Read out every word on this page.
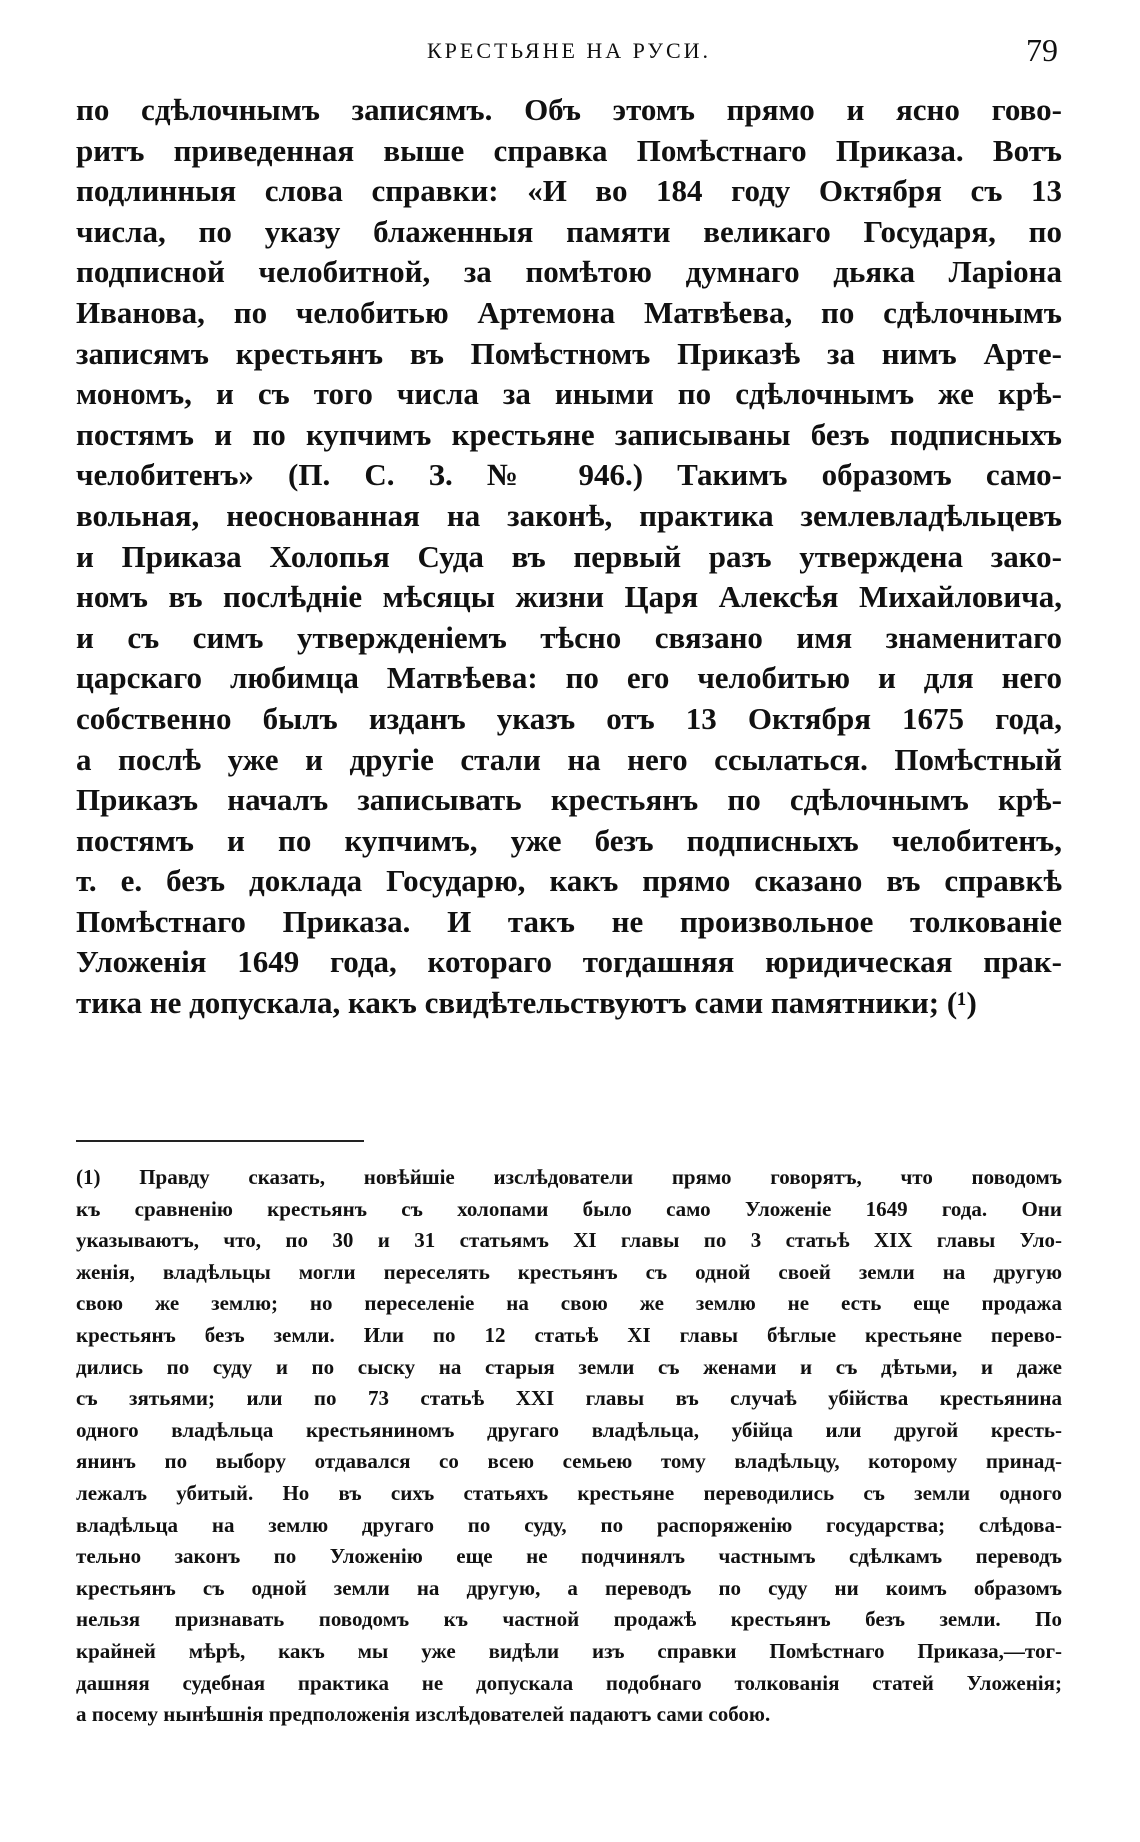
КРЕСТЬЯНЕ НА РУСИ.	79
по сдѣлочнымъ записямъ. Объ этомъ прямо и ясно гово-
ритъ приведенная выше справка Помѣстнаго Приказа. Вотъ
подлинныя слова справки: «И во 184 году Октября съ 13
числа, по указу блаженныя памяти великаго Государя, по
подписной челобитной, за помѣтою думнаго дьяка Ларіона
Иванова, по челобитью Артемона Матвѣева, по сдѣлочнымъ
записямъ крестьянъ въ Помѣстномъ Приказѣ за нимъ Арте-
мономъ, и съ того числа за иными по сдѣлочнымъ же крѣ-
постямъ и по купчимъ крестьяне записываны безъ подписныхъ
челобитенъ» (П. С. З. № 946.) Такимъ образомъ само-
вольная, неоснованная на законѣ, практика землевладѣльцевъ
и Приказа Холопья Суда въ первый разъ утверждена зако-
номъ въ послѣдніе мѣсяцы жизни Царя Алексѣя Михайловича,
и съ симъ утвержденіемъ тѣсно связано имя знаменитаго
царскаго любимца Матвѣева: по его челобитью и для него
собственно былъ изданъ указъ отъ 13 Октября 1675 года,
а послѣ уже и другіе стали на него ссылаться. Помѣстный
Приказъ началъ записывать крестьянъ по сдѣлочнымъ крѣ-
постямъ и по купчимъ, уже безъ подписныхъ челобитенъ,
т. е. безъ доклада Государю, какъ прямо сказано въ справкѣ
Помѣстнаго Приказа. И такъ не произвольное толкованіе
Уложенія 1649 года, котораго тогдашняя юридическая прак-
тика не допускала, какъ свидѣтельствуютъ сами памятники; (¹)
(1) Правду сказать, новѣйшіе изслѣдователи прямо говорятъ, что поводомъ
къ сравненію крестьянъ съ холопами было само Уложеніе 1649 года. Они
указываютъ, что, по 30 и 31 статьямъ XI главы по 3 статьѣ XIX главы Уло-
женія, владѣльцы могли переселять крестьянъ съ одной своей земли на другую
свою же землю; но переселеніе на свою же землю не есть еще продажа
крестьянъ безъ земли. Или по 12 статьѣ XI главы бѣглые крестьяне перево-
дились по суду и по сыску на старыя земли съ женами и съ дѣтьми, и даже
съ зятьями; или по 73 статьѣ XXI главы въ случаѣ убійства крестьянина
одного владѣльца крестьяниномъ другаго владѣльца, убійца или другой кресть-
янинъ по выбору отдавался со всею семьею тому владѣльцу, которому принад-
лежалъ убитый. Но въ сихъ статьяхъ крестьяне переводились съ земли одного
владѣльца на землю другаго по суду, по распоряженію государства; слѣдова-
тельно законъ по Уложенію еще не подчинялъ частнымъ сдѣлкамъ переводъ
крестьянъ съ одной земли на другую, а переводъ по суду ни коимъ образомъ
нельзя признавать поводомъ къ частной продажѣ крестьянъ безъ земли. По
крайней мѣрѣ, какъ мы уже видѣли изъ справки Помѣстнаго Приказа,—тог-
дашняя судебная практика не допускала подобнаго толкованія статей Уложенія;
а посему нынѣшнія предположенія изслѣдователей падаютъ сами собою.
